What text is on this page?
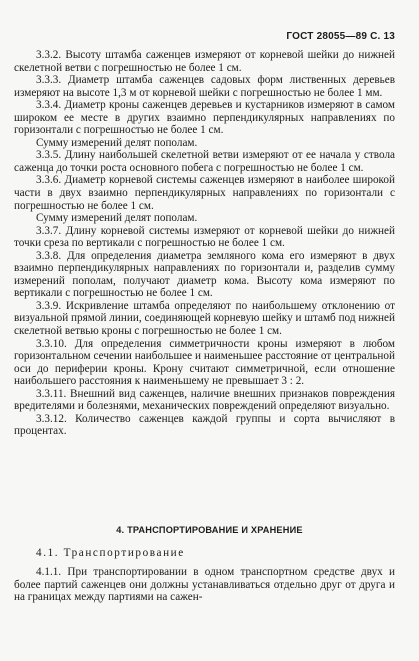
ГОСТ 28055—89 С. 13

3.3.2. Высоту штамба саженцев измеряют от корневой шейки до нижней скелетной ветви с погрешностью не более 1 см.

3.3.3. Диаметр штамба саженцев садовых форм лиственных деревьев измеряют на высоте 1,3 м от корневой шейки с погрешностью не более 1 мм.

3.3.4. Диаметр кроны саженцев деревьев и кустарников измеряют в самом широком ее месте в других взаимно перпендикулярных направлениях по горизонтали с погрешностью не более 1 см.

Сумму измерений делят пополам.

3.3.5. Длину наибольшей скелетной ветви измеряют от ее начала у ствола саженца до точки роста основного побега с погрешностью не более 1 см.

3.3.6. Диаметр корневой системы саженцев измеряют в наиболее широкой части в двух взаимно перпендикулярных направлениях по горизонтали с погрешностью не более 1 см.

Сумму измерений делят пополам.

3.3.7. Длину корневой системы измеряют от корневой шейки до нижней точки среза по вертикали с погрешностью не более 1 см.

3.3.8. Для определения диаметра земляного кома его измеряют в двух взаимно перпендикулярных направлениях по горизонтали и, разделив сумму измерений пополам, получают диаметр кома. Высоту кома измеряют по вертикали с погрешностью не более 1 см.

3.3.9. Искривление штамба определяют по наибольшему отклонению от визуальной прямой линии, соединяющей корневую шейку и штамб под нижней скелетной ветвью кроны с погрешностью не более 1 см.

3.3.10. Для определения симметричности кроны измеряют в любом горизонтальном сечении наибольшее и наименьшее расстояние от центральной оси до периферии кроны. Крону считают симметричной, если отношение наибольшего расстояния к наименьшему не превышает 3 : 2.

3.3.11. Внешний вид саженцев, наличие внешних признаков повреждения вредителями и болезнями, механических повреждений определяют визуально.

3.3.12. Количество саженцев каждой группы и сорта вычисляют в процентах.

4. ТРАНСПОРТИРОВАНИЕ И ХРАНЕНИЕ
4.1. Транспортирование

4.1.1. При транспортировании в одном транспортном средстве двух и более партий саженцев они должны устанавливаться отдельно друг от друга и на границах между партиями на сажен-
